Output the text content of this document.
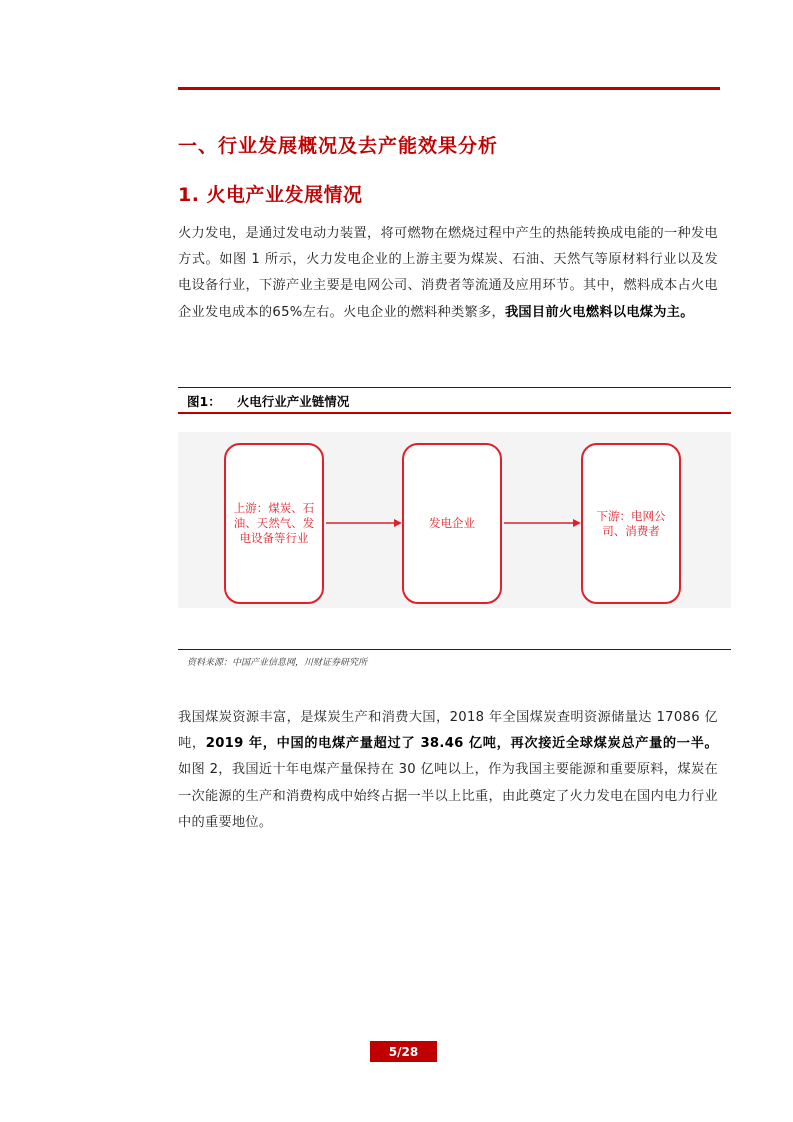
一、行业发展概况及去产能效果分析
1. 火电产业发展情况
火力发电，是通过发电动力装置，将可燃物在燃烧过程中产生的热能转换成电能的一种发电方式。如图 1 所示，火力发电企业的上游主要为煤炭、石油、天然气等原材料行业以及发电设备行业，下游产业主要是电网公司、消费者等流通及应用环节。其中，燃料成本占火电企业发电成本的65%左右。火电企业的燃料种类繁多，我国目前火电燃料以电煤为主。
图1： 火电行业产业链情况
上游：煤炭、石油、天然气、发电设备等行业
发电企业
下游：电网公司、消费者
资料来源：中国产业信息网，川财证券研究所
我国煤炭资源丰富，是煤炭生产和消费大国，2018 年全国煤炭查明资源储量达 17086 亿吨，2019 年，中国的电煤产量超过了 38.46 亿吨，再次接近全球煤炭总产量的一半。如图 2，我国近十年电煤产量保持在 30 亿吨以上，作为我国主要能源和重要原料，煤炭在一次能源的生产和消费构成中始终占据一半以上比重，由此奠定了火力发电在国内电力行业中的重要地位。
5/28
